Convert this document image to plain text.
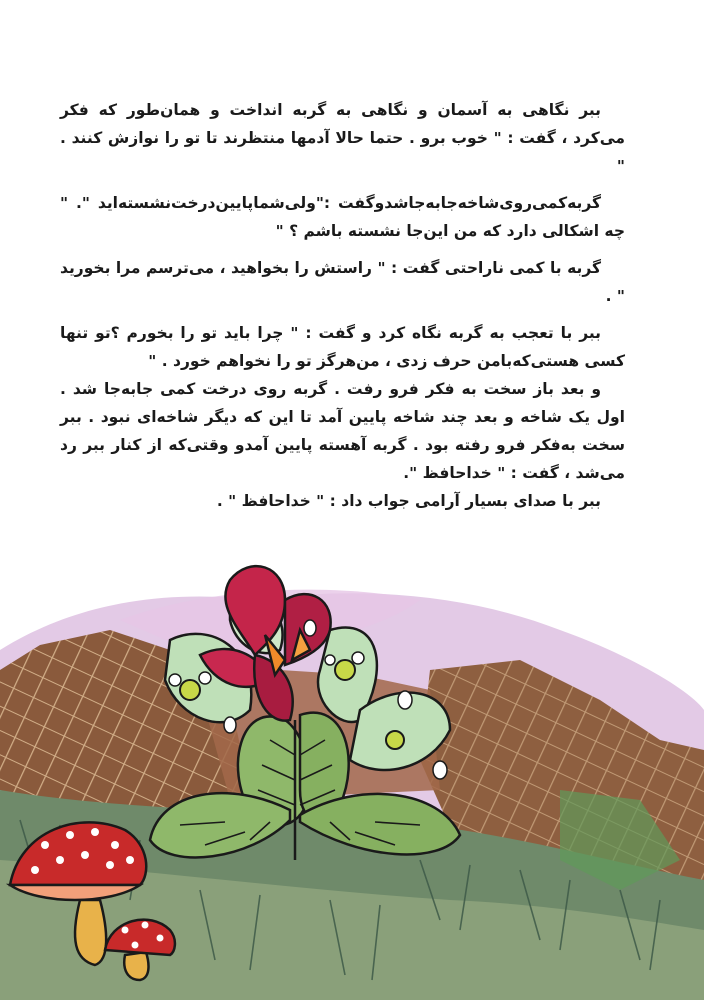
ببر نگاهی به آسمان و نگاهی به گربه انداخت و همان‌طور که فکر می‌کرد ، گفت : " خوب برو . حتما حالا آدمها منتظرند تا تو را نوازش کنند . "

گربه‌کمی‌روی‌شاخه‌جابه‌جاشدوگفت :"ولی‌شما‌پایین‌درخت‌نشسته‌اید ". " چه اشکالی دارد که من این‌جا نشسته باشم ؟ "

گربه با کمی ناراحتی گفت : " راستش را بخواهید ، می‌ترسم مرا بخورید " .

ببر با تعجب به گربه نگاه کرد و گفت : " چرا باید تو را بخورم ؟تو تنها کسی هستی‌که‌با‌من حرف زدی ، من‌هرگز تو را نخواهم خورد . "

و بعد باز سخت به فکر فرو رفت . گربه روی درخت کمی جابه‌جا شد . اول یک شاخه و بعد چند شاخه پایین آمد تا این که دیگر شاخه‌ای نبود . ببر سخت به‌فکر فرو رفته بود . گربه آهسته پایین آمدو وقتی‌که از کنار ببر رد می‌شد ، گفت : " خداحافظ ".

ببر با صدای بسیار آرامی جواب داد : " خداحافظ " .
